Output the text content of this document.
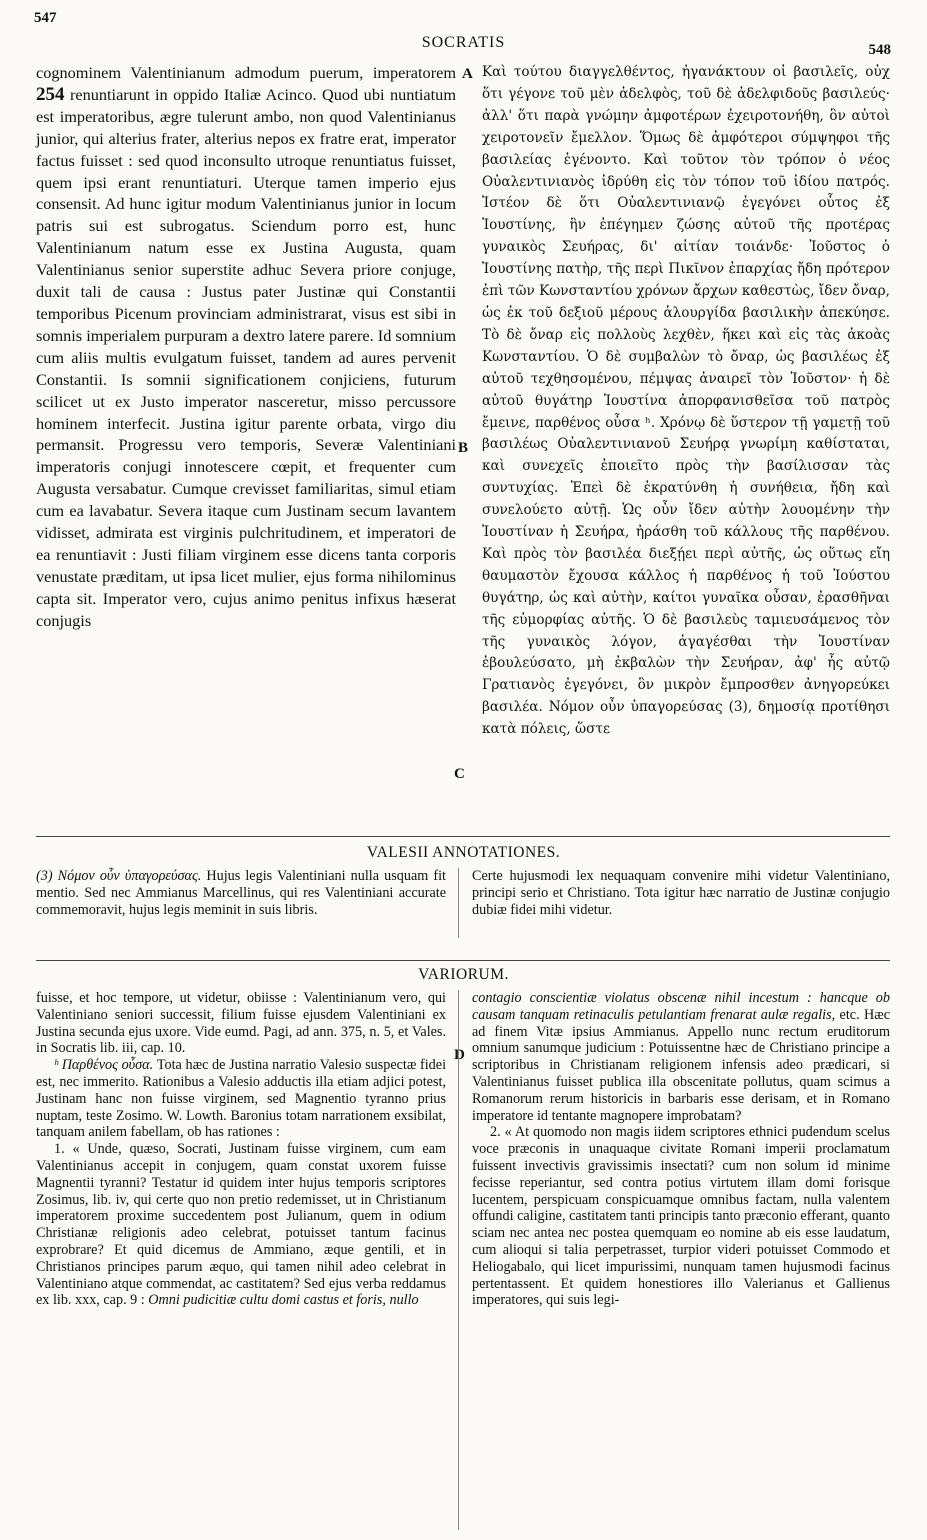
547
548
SOCRATIS
cognominem Valentinianum admodum puerum, imperatorem 254 renuntiarunt in oppido Italiæ Acinco. Quod ubi nuntiatum est imperatoribus, ægre tulerunt ambo, non quod Valentinianus junior, qui alterius frater, alterius nepos ex fratre erat, imperator factus fuisset : sed quod inconsulto utroque renuntiatus fuisset, quem ipsi erant renuntiaturi. Uterque tamen imperio ejus consensit. Ad hunc igitur modum Valentinianus junior in locum patris sui est subrogatus. Sciendum porro est, hunc Valentinianum natum esse ex Justina Augusta, quam Valentinianus senior superstite adhuc Severa priore conjuge, duxit tali de causa : Justus pater Justinæ qui Constantii temporibus Picenum provinciam administrarat, visus est sibi in somnis imperialem purpuram a dextro latere parere. Id somnium cum aliis multis evulgatum fuisset, tandem ad aures pervenit Constantii. Is somnii significationem conjiciens, futurum scilicet ut ex Justo imperator nasceretur, misso percussore hominem interfecit. Justina igitur parente orbata, virgo diu permansit. Progressu vero temporis, Severæ Valentiniani imperatoris conjugi innotescere cœpit, et frequenter cum Augusta versabatur. Cumque crevisset familiaritas, simul etiam cum ea lavabatur. Severa itaque cum Justinam secum lavantem vidisset, admirata est virginis pulchritudinem, et imperatori de ea renuntiavit : Justi filiam virginem esse dicens tanta corporis venustate præditam, ut ipsa licet mulier, ejus forma nihilominus capta sit. Imperator vero, cujus animo penitus infixus hæserat conjugis
A
B
C
D
Καὶ τούτου διαγγελθέντος, ἠγανάκτουν οἱ βασιλεῖς, οὐχ ὅτι γέγονε τοῦ μὲν ἀδελφὸς, τοῦ δὲ ἀδελφιδοῦς βασιλεύς· ἀλλ' ὅτι παρὰ γνώμην ἀμφοτέρων ἐχειροτονήθη, ὃν αὐτοὶ χειροτονεῖν ἔμελλον. Ὅμως δὲ ἀμφότεροι σύμψηφοι τῆς βασιλείας ἐγένοντο. Καὶ τοῦτον τὸν τρόπον ὁ νέος Οὐαλεντινιανὸς ἱδρύθη εἰς τὸν τόπον τοῦ ἰδίου πατρός. Ἰστέον δὲ ὅτι Οὐαλεντινιανῷ ἐγεγόνει οὗτος ἐξ Ἰουστίνης, ἣν ἐπέγημεν ζώσης αὐτοῦ τῆς προτέρας γυναικὸς Σευήρας, δι' αἰτίαν τοιάνδε· Ἰοῦστος ὁ Ἰουστίνης πατὴρ, τῆς περὶ Πικῖνον ἐπαρχίας ἤδη πρότερον ἐπὶ τῶν Κωνσταντίου χρόνων ἄρχων καθεστὼς, ἴδεν ὄναρ, ὡς ἐκ τοῦ δεξιοῦ μέρους ἁλουργίδα βασιλικὴν ἀπεκύησε. Τὸ δὲ ὄναρ εἰς πολλοὺς λεχθὲν, ἥκει καὶ εἰς τὰς ἀκοὰς Κωνσταντίου. Ὁ δὲ συμβαλὼν τὸ ὄναρ, ὡς βασιλέως ἐξ αὐτοῦ τεχθησομένου, πέμψας ἀναιρεῖ τὸν Ἰοῦστον· ἡ δὲ αὐτοῦ θυγάτηρ Ἰουστίνα ἀπορφανισθεῖσα τοῦ πατρὸς ἔμεινε, παρθένος οὖσα ʰ. Χρόνῳ δὲ ὕστερον τῇ γαμετῇ τοῦ βασιλέως Οὐαλεντινιανοῦ Σευήρᾳ γνωρίμη καθίσταται, καὶ συνεχεῖς ἐποιεῖτο πρὸς τὴν βασίλισσαν τὰς συντυχίας. Ἐπεὶ δὲ ἐκρατύνθη ἡ συνήθεια, ἤδη καὶ συνελούετο αὐτῇ. Ὡς οὖν ἴδεν αὐτὴν λουομένην τὴν Ἰουστίναν ἡ Σευήρα, ἠράσθη τοῦ κάλλους τῆς παρθένου. Καὶ πρὸς τὸν βασιλέα διεξῄει περὶ αὐτῆς, ὡς οὕτως εἴη θαυμαστὸν ἔχουσα κάλλος ἡ παρθένος ἡ τοῦ Ἰούστου θυγάτηρ, ὡς καὶ αὐτὴν, καίτοι γυναῖκα οὖσαν, ἐρασθῆναι τῆς εὐμορφίας αὐτῆς. Ὁ δὲ βασιλεὺς ταμιευσάμενος τὸν τῆς γυναικὸς λόγον, ἀγαγέσθαι τὴν Ἰουστίναν ἐβουλεύσατο, μὴ ἐκβαλὼν τὴν Σευήραν, ἀφ' ἧς αὐτῷ Γρατιανὸς ἐγεγόνει, ὃν μικρὸν ἔμπροσθεν ἀνηγορεύκει βασιλέα. Νόμον οὖν ὑπαγορεύσας (3), δημοσίᾳ προτίθησι κατὰ πόλεις, ὥστε
VALESII ANNOTATIONES.
(3) Νόμον οὖν ὑπαγορεύσας. Hujus legis Valentiniani nulla usquam fit mentio. Sed nec Ammianus Marcellinus, qui res Valentiniani accurate commemoravit, hujus legis meminit in suis libris.
Certe hujusmodi lex nequaquam convenire mihi videtur Valentiniano, principi serio et Christiano. Tota igitur hæc narratio de Justinæ conjugio dubiæ fidei mihi videtur.
VARIORUM.
fuisse, et hoc tempore, ut videtur, obiisse : Valentinianum vero, qui Valentiniano seniori successit, filium fuisse ejusdem Valentiniani ex Justina secunda ejus uxore. Vide eumd. Pagi, ad ann. 375, n. 5, et Vales. in Socratis lib. iii, cap. 10.
ʰ Παρθένος οὖσα. Tota hæc de Justina narratio Valesio suspectæ fidei est, nec immerito. Rationibus a Valesio adductis illa etiam adjici potest, Justinam hanc non fuisse virginem, sed Magnentio tyranno prius nuptam, teste Zosimo. W. Lowth. Baronius totam narrationem exsibilat, tanquam anilem fabellam, ob has rationes :
1. « Unde, quæso, Socrati, Justinam fuisse virginem, cum eam Valentinianus accepit in conjugem, quam constat uxorem fuisse Magnentii tyranni? Testatur id quidem inter hujus temporis scriptores Zosimus, lib. iv, qui certe quo non pretio redemisset, ut in Christianum imperatorem proxime succedentem post Julianum, quem in odium Christianæ religionis adeo celebrat, potuisset tantum facinus exprobrare? Et quid dicemus de Ammiano, æque gentili, et in Christianos principes parum æquo, qui tamen nihil adeo celebrat in Valentiniano atque commendat, ac castitatem? Sed ejus verba reddamus ex lib. xxx, cap. 9 : Omni pudicitiæ cultu domi castus et foris, nullo
contagio conscientiæ violatus obscenæ nihil incestum : hancque ob causam tanquam retinaculis petulantiam frenarat aulæ regalis, etc. Hæc ad finem Vitæ ipsius Ammianus. Appello nunc rectum eruditorum omnium sanumque judicium : Potuissentne hæc de Christiano principe a scriptoribus in Christianam religionem infensis adeo prædicari, si Valentinianus fuisset publica illa obscenitate pollutus, quam scimus a Romanorum rerum historicis in barbaris esse derisam, et in Romano imperatore id tentante magnopere improbatam?
2. « At quomodo non magis iidem scriptores ethnici pudendum scelus voce præconis in unaquaque civitate Romani imperii proclamatum fuissent invectivis gravissimis insectati? cum non solum id minime fecisse reperiantur, sed contra potius virtutem illam domi forisque lucentem, perspicuam conspicuamque omnibus factam, nulla valentem offundi caligine, castitatem tanti principis tanto præconio efferant, quanto sciam nec antea nec postea quemquam eo nomine ab eis esse laudatum, cum alioqui si talia perpetrasset, turpior videri potuisset Commodo et Heliogabalo, qui licet impurissimi, nunquam tamen hujusmodi facinus pertentassent. Et quidem honestiores illo Valerianus et Gallienus imperatores, qui suis legi-
